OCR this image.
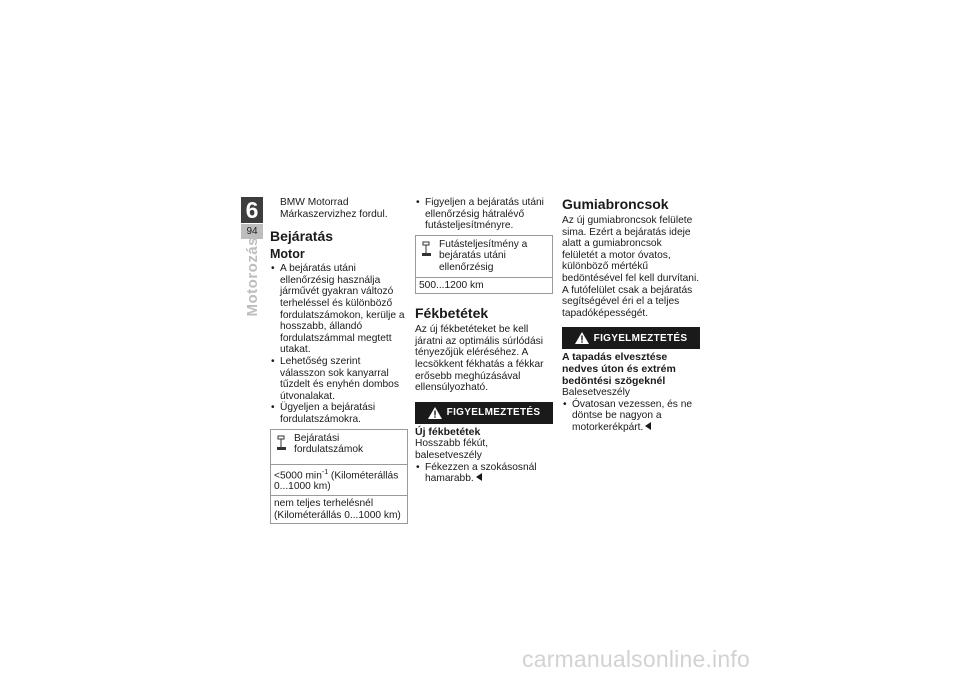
6
94
Motorozás

BMW Motorrad Márkaszervizhez fordul.

Bejáratás
Motor
• A bejáratás utáni ellenőrzésig használja járművét gyakran változó terheléssel és különböző fordulatszámokon, kerülje a hosszabb, állandó fordulatszámmal megtett utakat.
• Lehetőség szerint válasszon sok kanyarral tűzdelt és enyhén dombos útvonalakat.
• Ügyeljen a bejáratási fordulatszámokra.
Bejáratási fordulatszámok
<5000 $\min^{-1}$ (Kilométerállás 0...1000 km)
nem teljes terhelésnél (Kilométerállás 0...1000 km)
• Figyeljen a bejáratás utáni ellenőrzésig hátralévő futásteljesítményre.
Futásteljesítmény a bejáratás utáni ellenőrzésig
500...1200 km
Fékbetétek

Az új fékbetéteket be kell járatni az optimális súrlódási tényezőjük eléréséhez. A lecsökkent fékhatás a fékkar erősebb meghúzásával ellensúlyozható.

FIGYELMEZTETÉS
Új fékbetétek

Hosszabb fékút, balesetveszély

• Fékezzen a szokásosnál hamarabb.
Gumiabroncsok

Az új gumiabroncsok felülete sima. Ezért a bejáratás ideje alatt a gumiabroncsok felületét a motor óvatos, különböző mértékű bedöntésével fel kell durvítani. A futófelület csak a bejáratás segítségével éri el a teljes tapadóképességét.

FIGYELMEZTETÉS
A tapadás elvesztése nedves úton és extrém bedöntési szögeknél

Balesetveszély

• Óvatosan vezessen, és ne döntse be nagyon a motorkerékpárt.
carmanualsonline.info
